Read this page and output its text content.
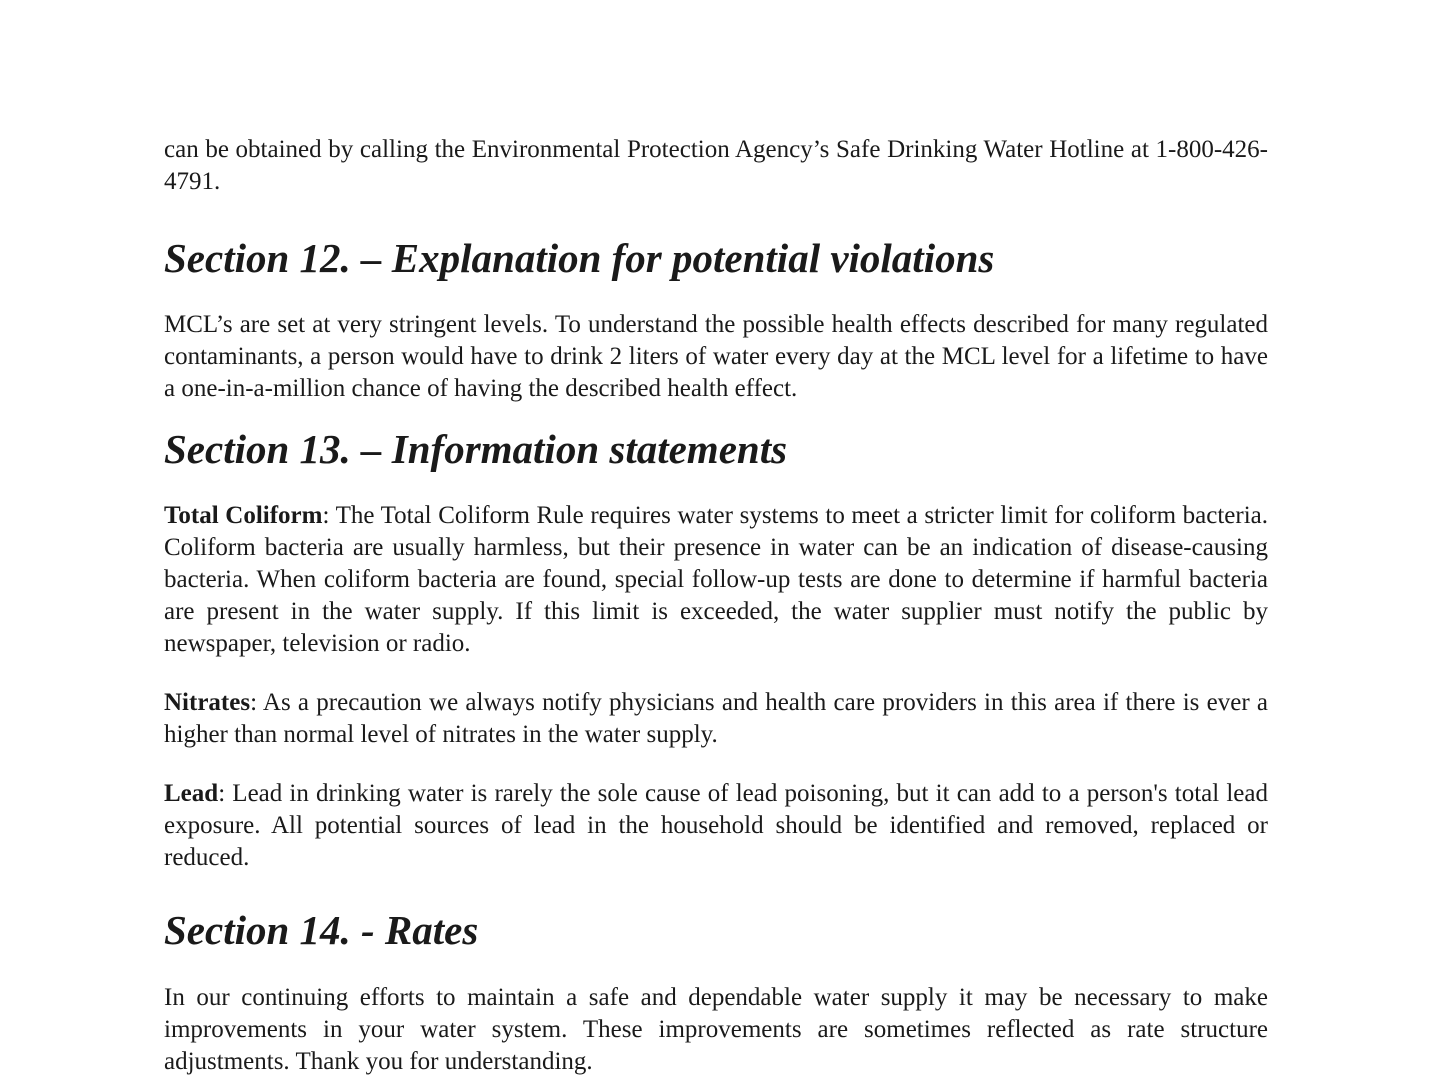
can be obtained by calling the Environmental Protection Agency’s Safe Drinking Water Hotline at 1-800-426-4791.

Section 12. – Explanation for potential violations

MCL’s are set at very stringent levels. To understand the possible health effects described for many regulated contaminants, a person would have to drink 2 liters of water every day at the MCL level for a lifetime to have a one-in-a-million chance of having the described health effect.

Section 13. – Information statements

Total Coliform: The Total Coliform Rule requires water systems to meet a stricter limit for coliform bacteria. Coliform bacteria are usually harmless, but their presence in water can be an indication of disease-causing bacteria. When coliform bacteria are found, special follow-up tests are done to determine if harmful bacteria are present in the water supply. If this limit is exceeded, the water supplier must notify the public by newspaper, television or radio.

Nitrates: As a precaution we always notify physicians and health care providers in this area if there is ever a higher than normal level of nitrates in the water supply.

Lead: Lead in drinking water is rarely the sole cause of lead poisoning, but it can add to a person's total lead exposure. All potential sources of lead in the household should be identified and removed, replaced or reduced.

Section 14. - Rates

In our continuing efforts to maintain a safe and dependable water supply it may be necessary to make improvements in your water system. These improvements are sometimes reflected as rate structure adjustments. Thank you for understanding.
